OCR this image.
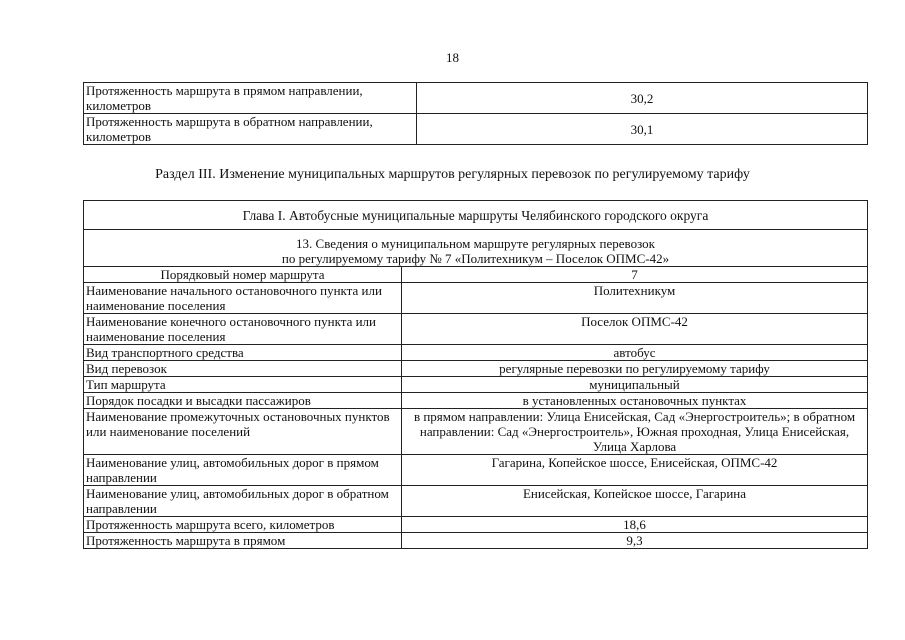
18
Протяженность маршрута в прямом направлении, километров	30,2
Протяженность маршрута в обратном направлении, километров	30,1
Раздел III. Изменение муниципальных маршрутов регулярных перевозок по регулируемому тарифу
Глава I. Автобусные муниципальные маршруты Челябинского городского округа	
13. Сведения о муниципальном маршруте регулярных перевозок
по регулируемому тарифу № 7 «Политехникум – Поселок ОПМС-42»	
Порядковый номер маршрута	7
Наименование начального остановочного пункта или наименование поселения	Политехникум
Наименование конечного остановочного пункта или наименование поселения	Поселок ОПМС-42
Вид транспортного средства	автобус
Вид перевозок	регулярные перевозки по регулируемому тарифу
Тип маршрута	муниципальный
Порядок посадки и высадки пассажиров	в установленных остановочных пунктах
Наименование промежуточных остановочных пунктов или наименование поселений	в прямом направлении: Улица Енисейская, Сад «Энергостроитель»; в обратном направлении: Сад «Энергостроитель», Южная проходная, Улица Енисейская, Улица Харлова
Наименование улиц, автомобильных дорог в прямом направлении	Гагарина, Копейское шоссе, Енисейская, ОПМС-42
Наименование улиц, автомобильных дорог в обратном направлении	Енисейская, Копейское шоссе, Гагарина
Протяженность маршрута всего, километров	18,6
Протяженность маршрута в прямом	9,3
